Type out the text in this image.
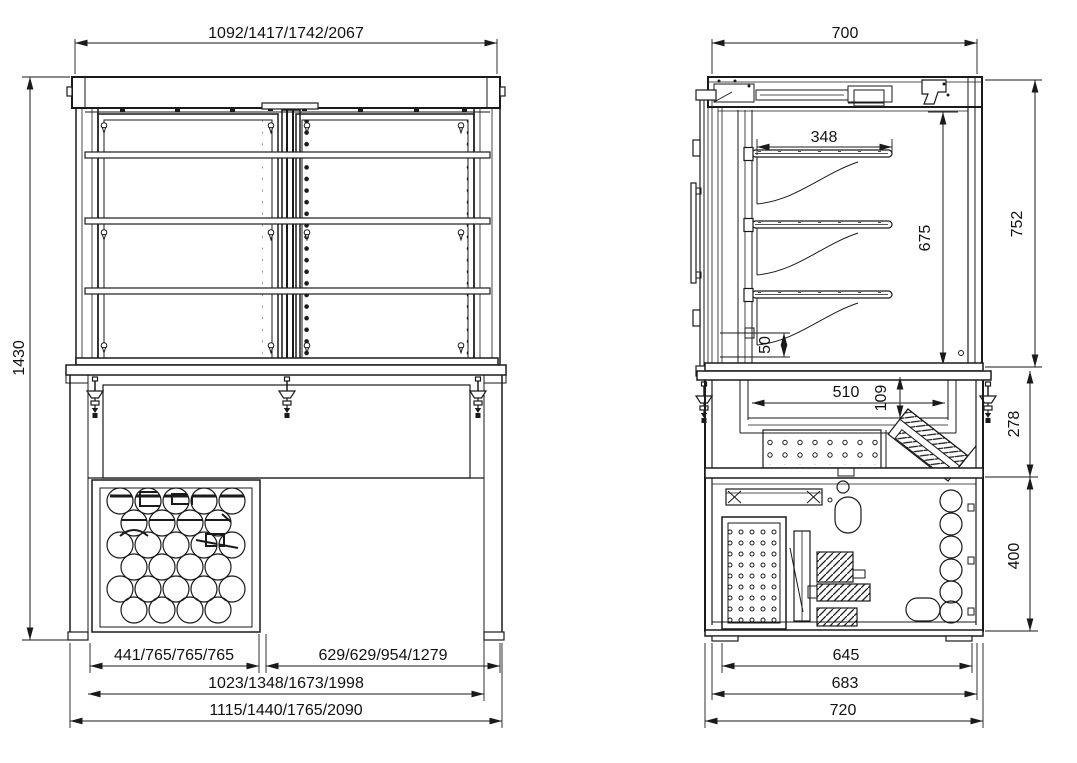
1092/1417/1742/2067
1430
441/765/765/765	629/629/954/1279
1023/1348/1673/1998
1115/1440/1765/2090
700
348
675
752
50
510 109
278
400
645
683
720
